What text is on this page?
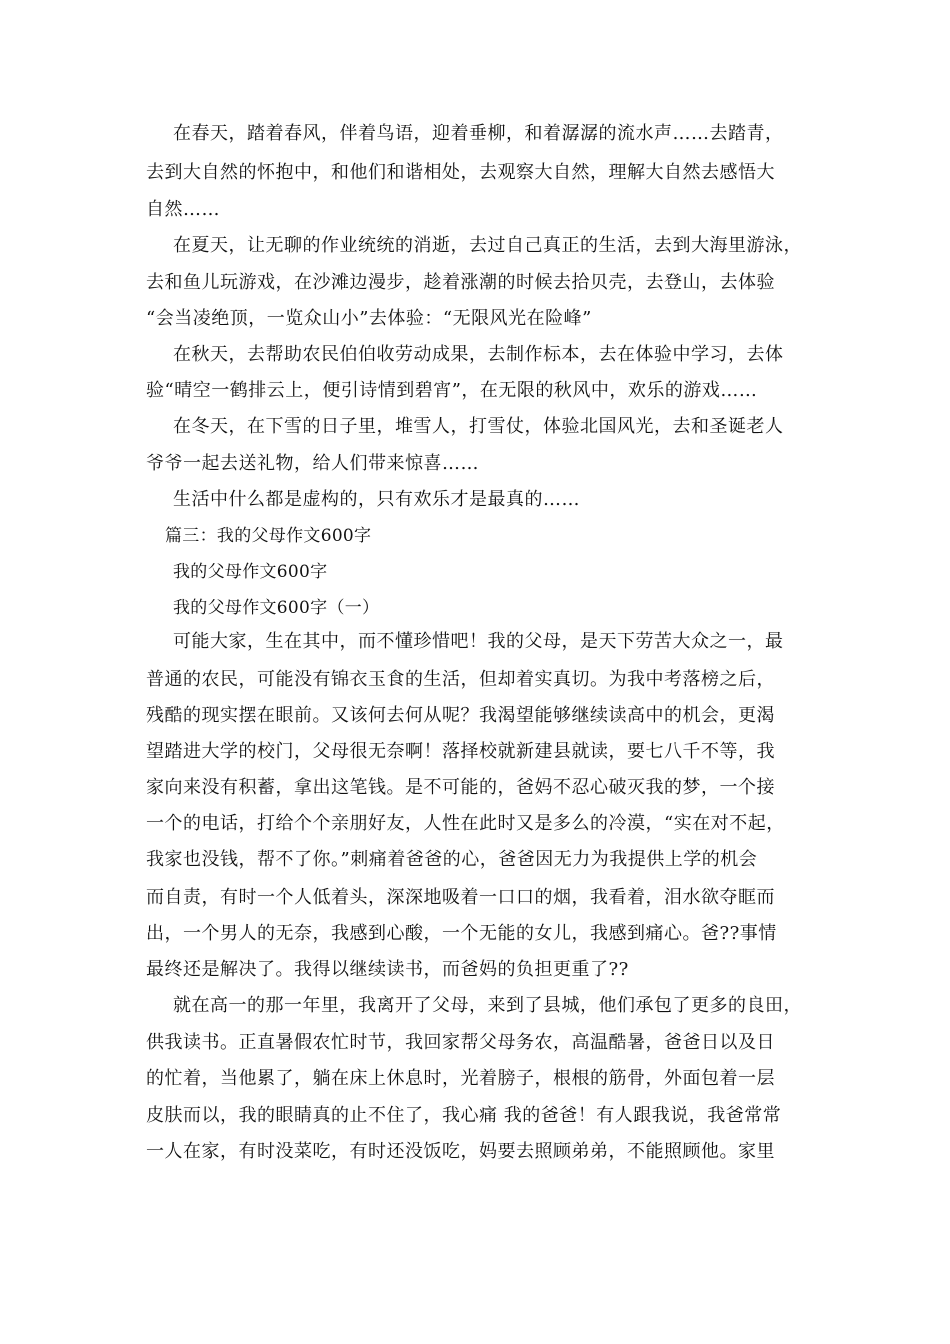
在春天，踏着春风，伴着鸟语，迎着垂柳，和着潺潺的流水声……去踏青，
去到大自然的怀抱中，和他们和谐相处，去观察大自然，理解大自然去感悟大
自然……
在夏天，让无聊的作业统统的消逝，去过自己真正的生活，去到大海里游泳，
去和鱼儿玩游戏，在沙滩边漫步，趁着涨潮的时候去拾贝壳，去登山，去体验
“会当凌绝顶，一览众山小”去体验：“无限风光在险峰”
在秋天，去帮助农民伯伯收劳动成果，去制作标本，去在体验中学习，去体
验“晴空一鹤排云上，便引诗情到碧宵”，在无限的秋风中，欢乐的游戏……
在冬天，在下雪的日子里，堆雪人，打雪仗，体验北国风光，去和圣诞老人
爷爷一起去送礼物，给人们带来惊喜……
生活中什么都是虚构的，只有欢乐才是最真的……
篇三：我的父母作文600字
我的父母作文600字
我的父母作文600字（一）
可能大家，生在其中，而不懂珍惜吧！我的父母，是天下劳苦大众之一，最
普通的农民，可能没有锦衣玉食的生活，但却着实真切。为我中考落榜之后，
残酷的现实摆在眼前。又该何去何从呢？我渴望能够继续读高中的机会，更渴
望踏进大学的校门，父母很无奈啊！落择校就新建县就读，要七八千不等，我
家向来没有积蓄，拿出这笔钱。是不可能的，爸妈不忍心破灭我的梦，一个接
一个的电话，打给个个亲朋好友，人性在此时又是多么的冷漠，“实在对不起，
我家也没钱，帮不了你。”刺痛着爸爸的心，爸爸因无力为我提供上学的机会
而自责，有时一个人低着头，深深地吸着一口口的烟，我看着，泪水欲夺眶而
出，一个男人的无奈，我感到心酸，一个无能的女儿，我感到痛心。爸??事情
最终还是解决了。我得以继续读书，而爸妈的负担更重了??
就在高一的那一年里，我离开了父母，来到了县城，他们承包了更多的良田，
供我读书。正直暑假农忙时节，我回家帮父母务农，高温酷暑，爸爸日以及日
的忙着，当他累了，躺在床上休息时，光着膀子，根根的筋骨，外面包着一层
皮肤而以，我的眼睛真的止不住了，我心痛 我的爸爸！有人跟我说，我爸常常
一人在家，有时没菜吃，有时还没饭吃，妈要去照顾弟弟，不能照顾他。家里
